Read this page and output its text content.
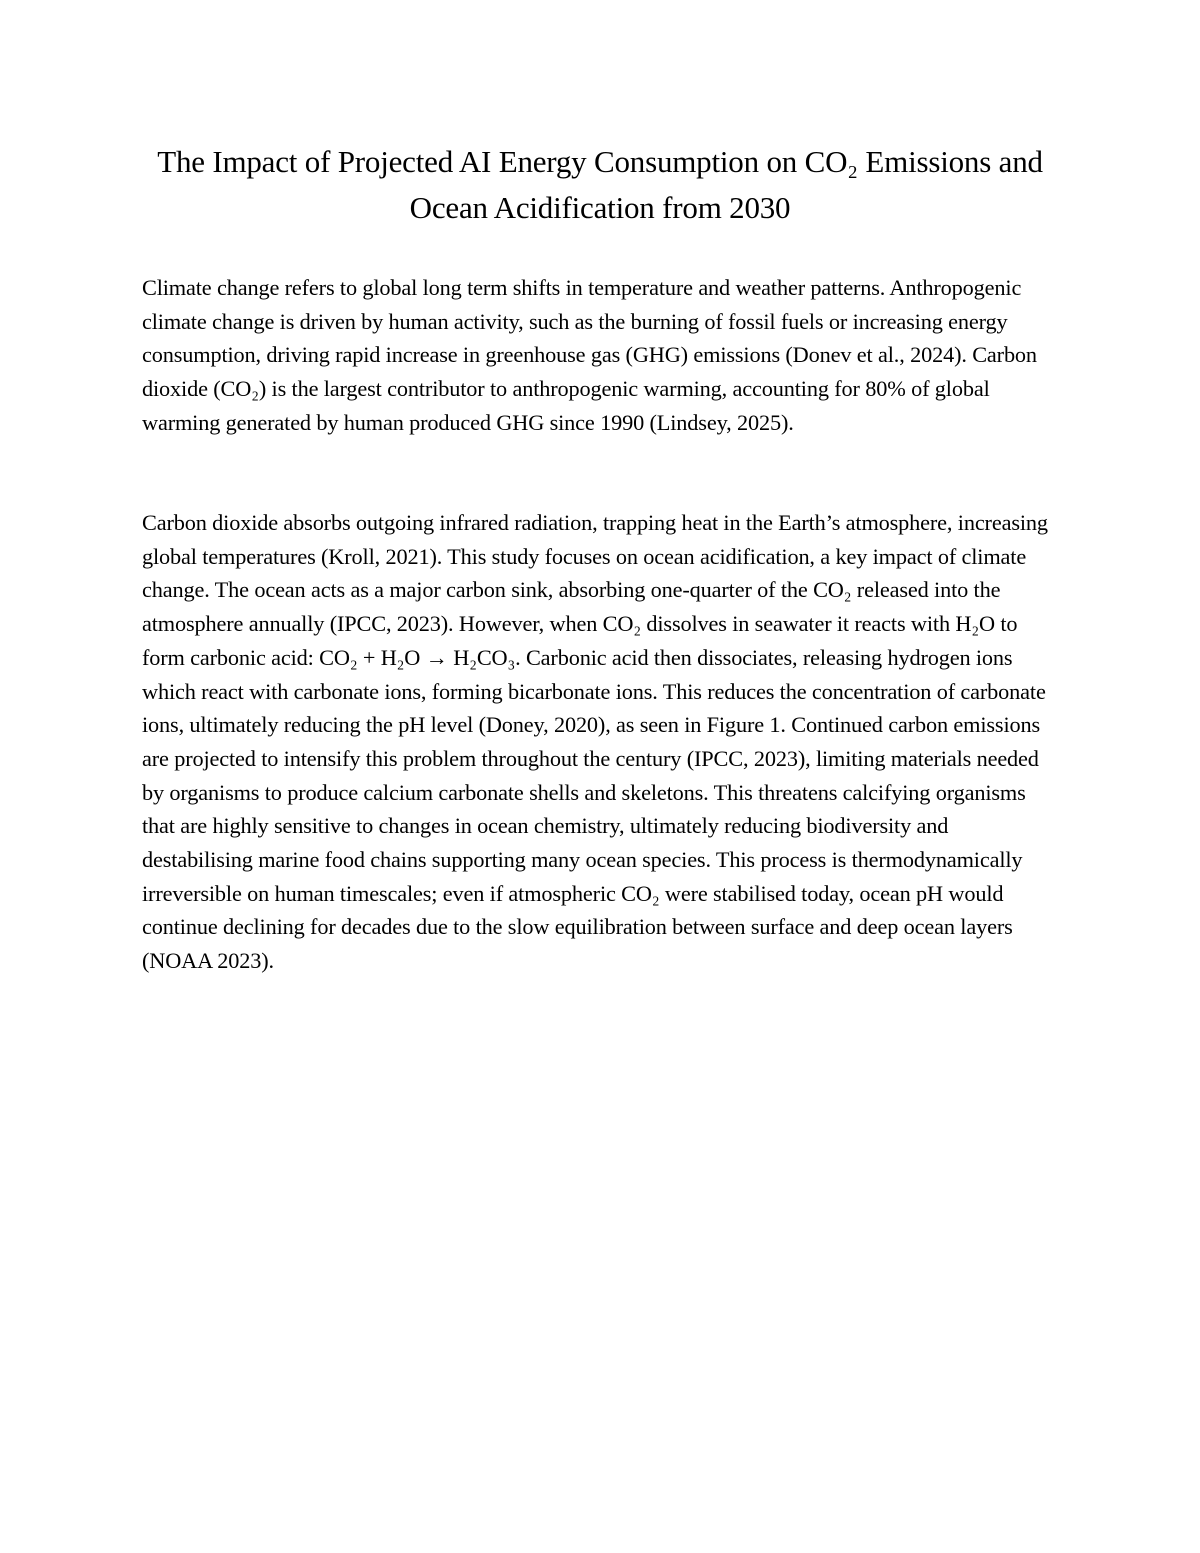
The Impact of Projected AI Energy Consumption on CO₂ Emissions and Ocean Acidification from 2030

Climate change refers to global long term shifts in temperature and weather patterns. Anthropogenic climate change is driven by human activity, such as the burning of fossil fuels or increasing energy consumption, driving rapid increase in greenhouse gas (GHG) emissions (Donev et al., 2024). Carbon dioxide (CO₂) is the largest contributor to anthropogenic warming, accounting for 80% of global warming generated by human produced GHG since 1990 (Lindsey, 2025).

Carbon dioxide absorbs outgoing infrared radiation, trapping heat in the Earth’s atmosphere, increasing global temperatures (Kroll, 2021). This study focuses on ocean acidification, a key impact of climate change. The ocean acts as a major carbon sink, absorbing one-quarter of the CO₂ released into the atmosphere annually (IPCC, 2023). However, when CO₂ dissolves in seawater it reacts with H₂O to form carbonic acid: CO₂ + H₂O → H₂CO₃. Carbonic acid then dissociates, releasing hydrogen ions which react with carbonate ions, forming bicarbonate ions. This reduces the concentration of carbonate ions, ultimately reducing the pH level (Doney, 2020), as seen in Figure 1. Continued carbon emissions are projected to intensify this problem throughout the century (IPCC, 2023), limiting materials needed by organisms to produce calcium carbonate shells and skeletons. This threatens calcifying organisms that are highly sensitive to changes in ocean chemistry, ultimately reducing biodiversity and destabilising marine food chains supporting many ocean species. This process is thermodynamically irreversible on human timescales; even if atmospheric CO₂ were stabilised today, ocean pH would continue declining for decades due to the slow equilibration between surface and deep ocean layers (NOAA 2023).
